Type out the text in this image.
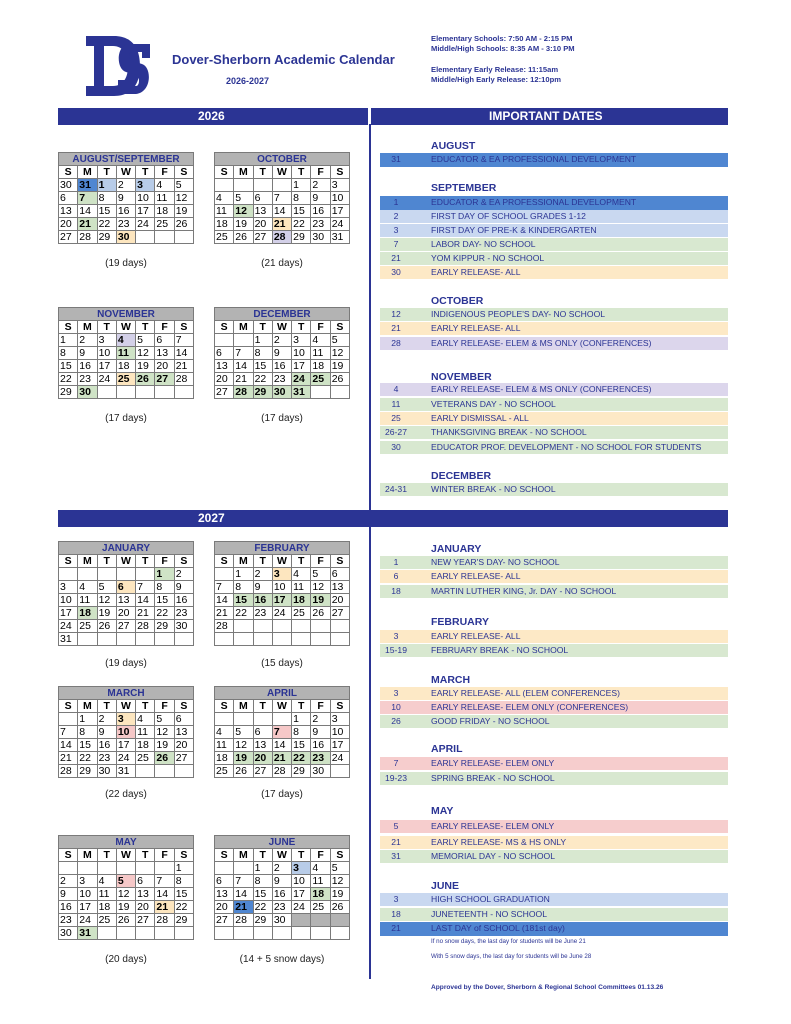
Dover-Sherborn Academic Calendar
2026-2027
Elementary Schools: 7:50 AM - 2:15 PM
Middle/High Schools: 8:35 AM - 3:10 PM
Elementary Early Release: 11:15am
Middle/High Early Release: 12:10pm
2026	IMPORTANT DATES
2027
AUGUST/SEPTEMBER						
S	M	T	W	T	F	S
30	31	1	2	3	4	5
6	7	8	9	10	11	12
13	14	15	16	17	18	19
20	21	22	23	24	25	26
27	28	29	30			
(19 days)
OCTOBER						
S	M	T	W	T	F	S
				1	2	3
4	5	6	7	8	9	10
11	12	13	14	15	16	17
18	19	20	21	22	23	24
25	26	27	28	29	30	31
(21 days)
NOVEMBER						
S	M	T	W	T	F	S
1	2	3	4	5	6	7
8	9	10	11	12	13	14
15	16	17	18	19	20	21
22	23	24	25	26	27	28
29	30					
(17 days)
DECEMBER						
S	M	T	W	T	F	S
		1	2	3	4	5
6	7	8	9	10	11	12
13	14	15	16	17	18	19
20	21	22	23	24	25	26
27	28	29	30	31		
(17 days)
JANUARY						
S	M	T	W	T	F	S
					1	2
3	4	5	6	7	8	9
10	11	12	13	14	15	16
17	18	19	20	21	22	23
24	25	26	27	28	29	30
31						
(19 days)
FEBRUARY						
S	M	T	W	T	F	S
	1	2	3	4	5	6
7	8	9	10	11	12	13
14	15	16	17	18	19	20
21	22	23	24	25	26	27
28						

(15 days)
MARCH						
S	M	T	W	T	F	S
	1	2	3	4	5	6
7	8	9	10	11	12	13
14	15	16	17	18	19	20
21	22	23	24	25	26	27
28	29	30	31			
(22 days)
APRIL						
S	M	T	W	T	F	S
				1	2	3
4	5	6	7	8	9	10
11	12	13	14	15	16	17
18	19	20	21	22	23	24
25	26	27	28	29	30	
(17 days)
MAY						
S	M	T	W	T	F	S
						1
2	3	4	5	6	7	8
9	10	11	12	13	14	15
16	17	18	19	20	21	22
23	24	25	26	27	28	29
30	31					
(20 days)
JUNE						
S	M	T	W	T	F	S
		1	2	3	4	5
6	7	8	9	10	11	12
13	14	15	16	17	18	19
20	21	22	23	24	25	26
27	28	29	30			

(14 + 5 snow days)
AUGUST
31	EDUCATOR & EA PROFESSIONAL DEVELOPMENT
SEPTEMBER
1	EDUCATOR & EA PROFESSIONAL DEVELOPMENT
2	FIRST DAY OF SCHOOL GRADES 1-12
3	FIRST DAY OF PRE-K & KINDERGARTEN
7	LABOR DAY- NO SCHOOL
21	YOM KIPPUR - NO SCHOOL
30	EARLY RELEASE- ALL
OCTOBER
12	INDIGENOUS PEOPLE'S DAY- NO SCHOOL
21	EARLY RELEASE- ALL
28	EARLY RELEASE- ELEM & MS ONLY (CONFERENCES)
NOVEMBER
4	EARLY RELEASE- ELEM & MS ONLY (CONFERENCES)
11	VETERANS DAY - NO SCHOOL
25	EARLY DISMISSAL - ALL
26-27	THANKSGIVING BREAK - NO SCHOOL
30	EDUCATOR PROF. DEVELOPMENT - NO SCHOOL FOR STUDENTS
DECEMBER
24-31	WINTER BREAK - NO SCHOOL
JANUARY
1	NEW YEAR'S DAY- NO SCHOOL
6	EARLY RELEASE- ALL
18	MARTIN LUTHER KING, Jr. DAY - NO SCHOOL
FEBRUARY
3	EARLY RELEASE- ALL
15-19	FEBRUARY BREAK - NO SCHOOL
MARCH
3	EARLY RELEASE- ALL (ELEM CONFERENCES)
10	EARLY RELEASE- ELEM ONLY (CONFERENCES)
26	GOOD FRIDAY - NO SCHOOL
APRIL
7	EARLY RELEASE- ELEM ONLY
19-23	SPRING BREAK - NO SCHOOL
MAY
5	EARLY RELEASE- ELEM ONLY
21	EARLY RELEASE- MS & HS ONLY
31	MEMORIAL DAY - NO SCHOOL
JUNE
3	HIGH SCHOOL GRADUATION
18	JUNETEENTH - NO SCHOOL
21	LAST DAY of SCHOOL (181st day)
If no snow days, the last day for students will be June 21
With 5 snow days, the last day for students will be June 28
Approved by the Dover, Sherborn & Regional School Committees 01.13.26
